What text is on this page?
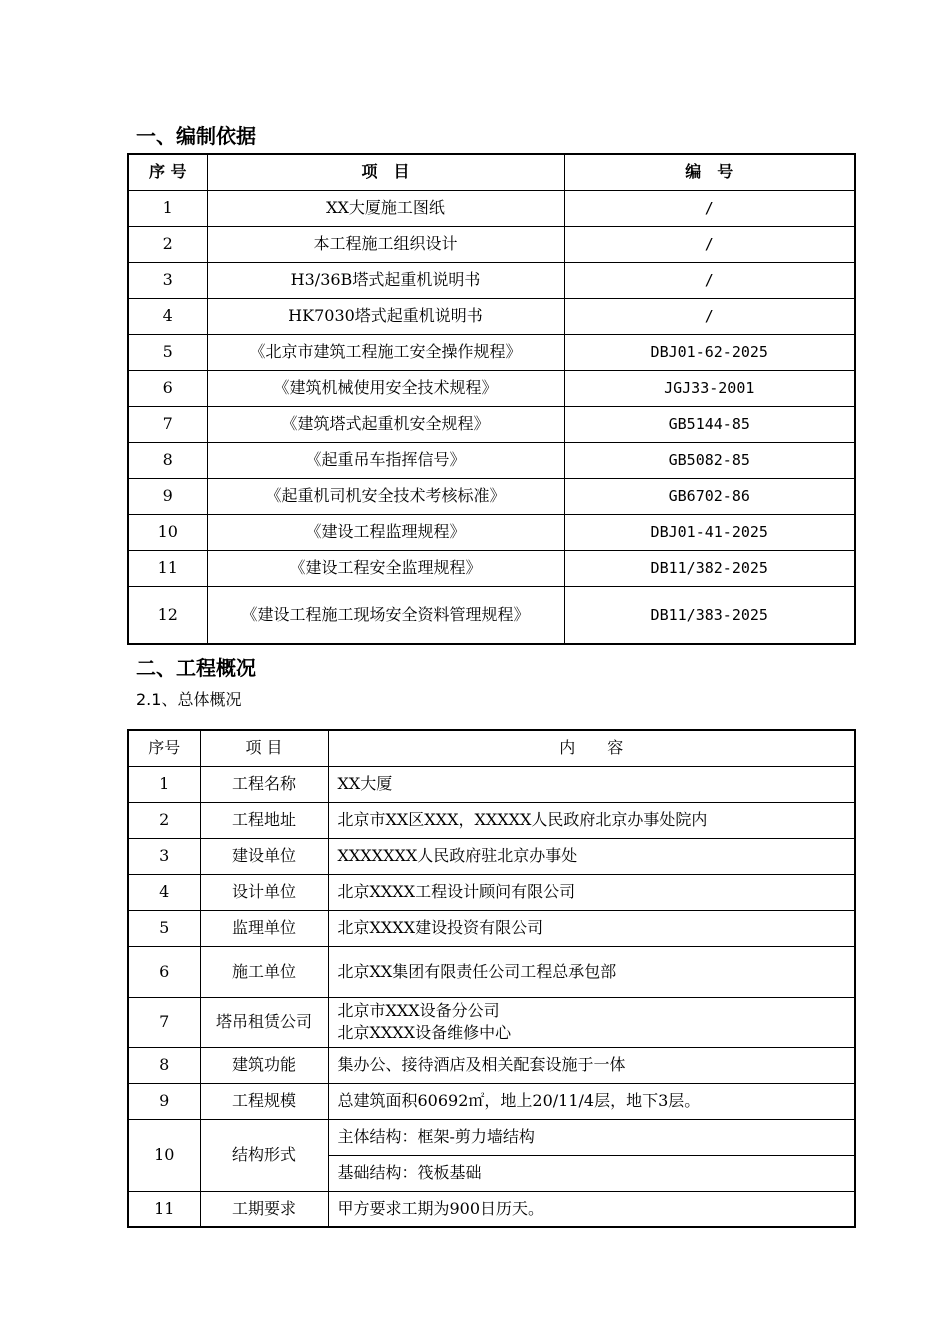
一、编制依据
序 号	项　目	编　号
1	XX大厦施工图纸	/
2	本工程施工组织设计	/
3	H3/36B塔式起重机说明书	/
4	HK7030塔式起重机说明书	/
5	《北京市建筑工程施工安全操作规程》	DBJ01-62-2025
6	《建筑机械使用安全技术规程》	JGJ33-2001
7	《建筑塔式起重机安全规程》	GB5144-85
8	《起重吊车指挥信号》	GB5082-85
9	《起重机司机安全技术考核标准》	GB6702-86
10	《建设工程监理规程》	DBJ01-41-2025
11	《建设工程安全监理规程》	DB11/382-2025
12	《建设工程施工现场安全资料管理规程》	DB11/383-2025
二、工程概况
2.1、总体概况
序号	项 目	内　　容
1	工程名称	XX大厦
2	工程地址	北京市XX区XXX，XXXXX人民政府北京办事处院内
3	建设单位	XXXXXXX人民政府驻北京办事处
4	设计单位	北京XXXX工程设计顾问有限公司
5	监理单位	北京XXXX建设投资有限公司
6	施工单位	北京XX集团有限责任公司工程总承包部
7	塔吊租赁公司	北京市XXX设备分公司
北京XXXX设备维修中心

8	建筑功能	集办公、接待酒店及相关配套设施于一体
9	工程规模	总建筑面积60692㎡，地上20/11/4层，地下3层。
10	结构形式	主体结构：框架-剪力墙结构
		基础结构：筏板基础
11	工期要求	甲方要求工期为900日历天。
